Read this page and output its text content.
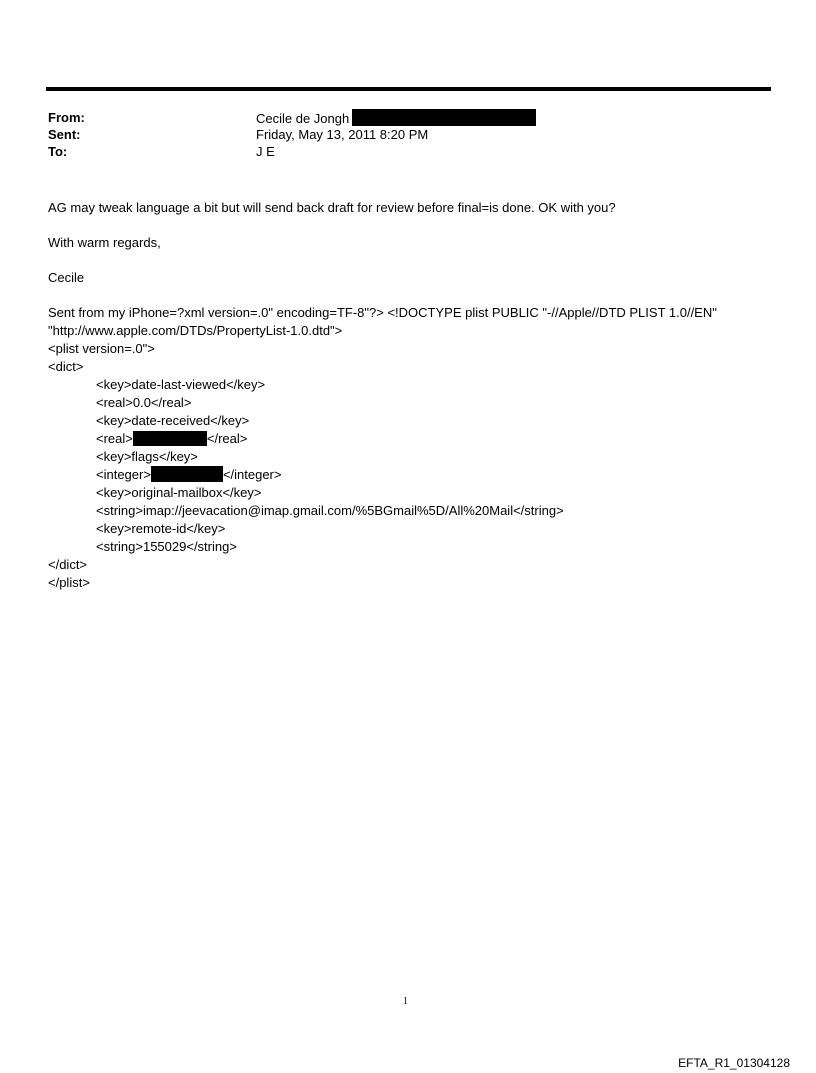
From:	Cecile de Jongh
Sent:	Friday, May 13, 2011 8:20 PM
To:	J E

AG may tweak language a bit but will send back draft for review before final=is done. OK with you?

With warm regards,

Cecile

Sent from my iPhone=?xml version=.0" encoding=TF-8"?> <!DOCTYPE plist PUBLIC "-//Apple//DTD PLIST 1.0//EN"
"http://www.apple.com/DTDs/PropertyList-1.0.dtd">
<plist version=.0">
<dict>
<key>date-last-viewed</key>
<real>0.0</real>
<key>date-received</key>
<real>	</real>
<key>flags</key>
<integer>	</integer>
<key>original-mailbox</key>
<string>imap://jeevacation@imap.gmail.com/%5BGmail%5D/All%20Mail</string>
<key>remote-id</key>
<string>155029</string>
</dict>
</plist>
1
EFTA_R1_01304128
